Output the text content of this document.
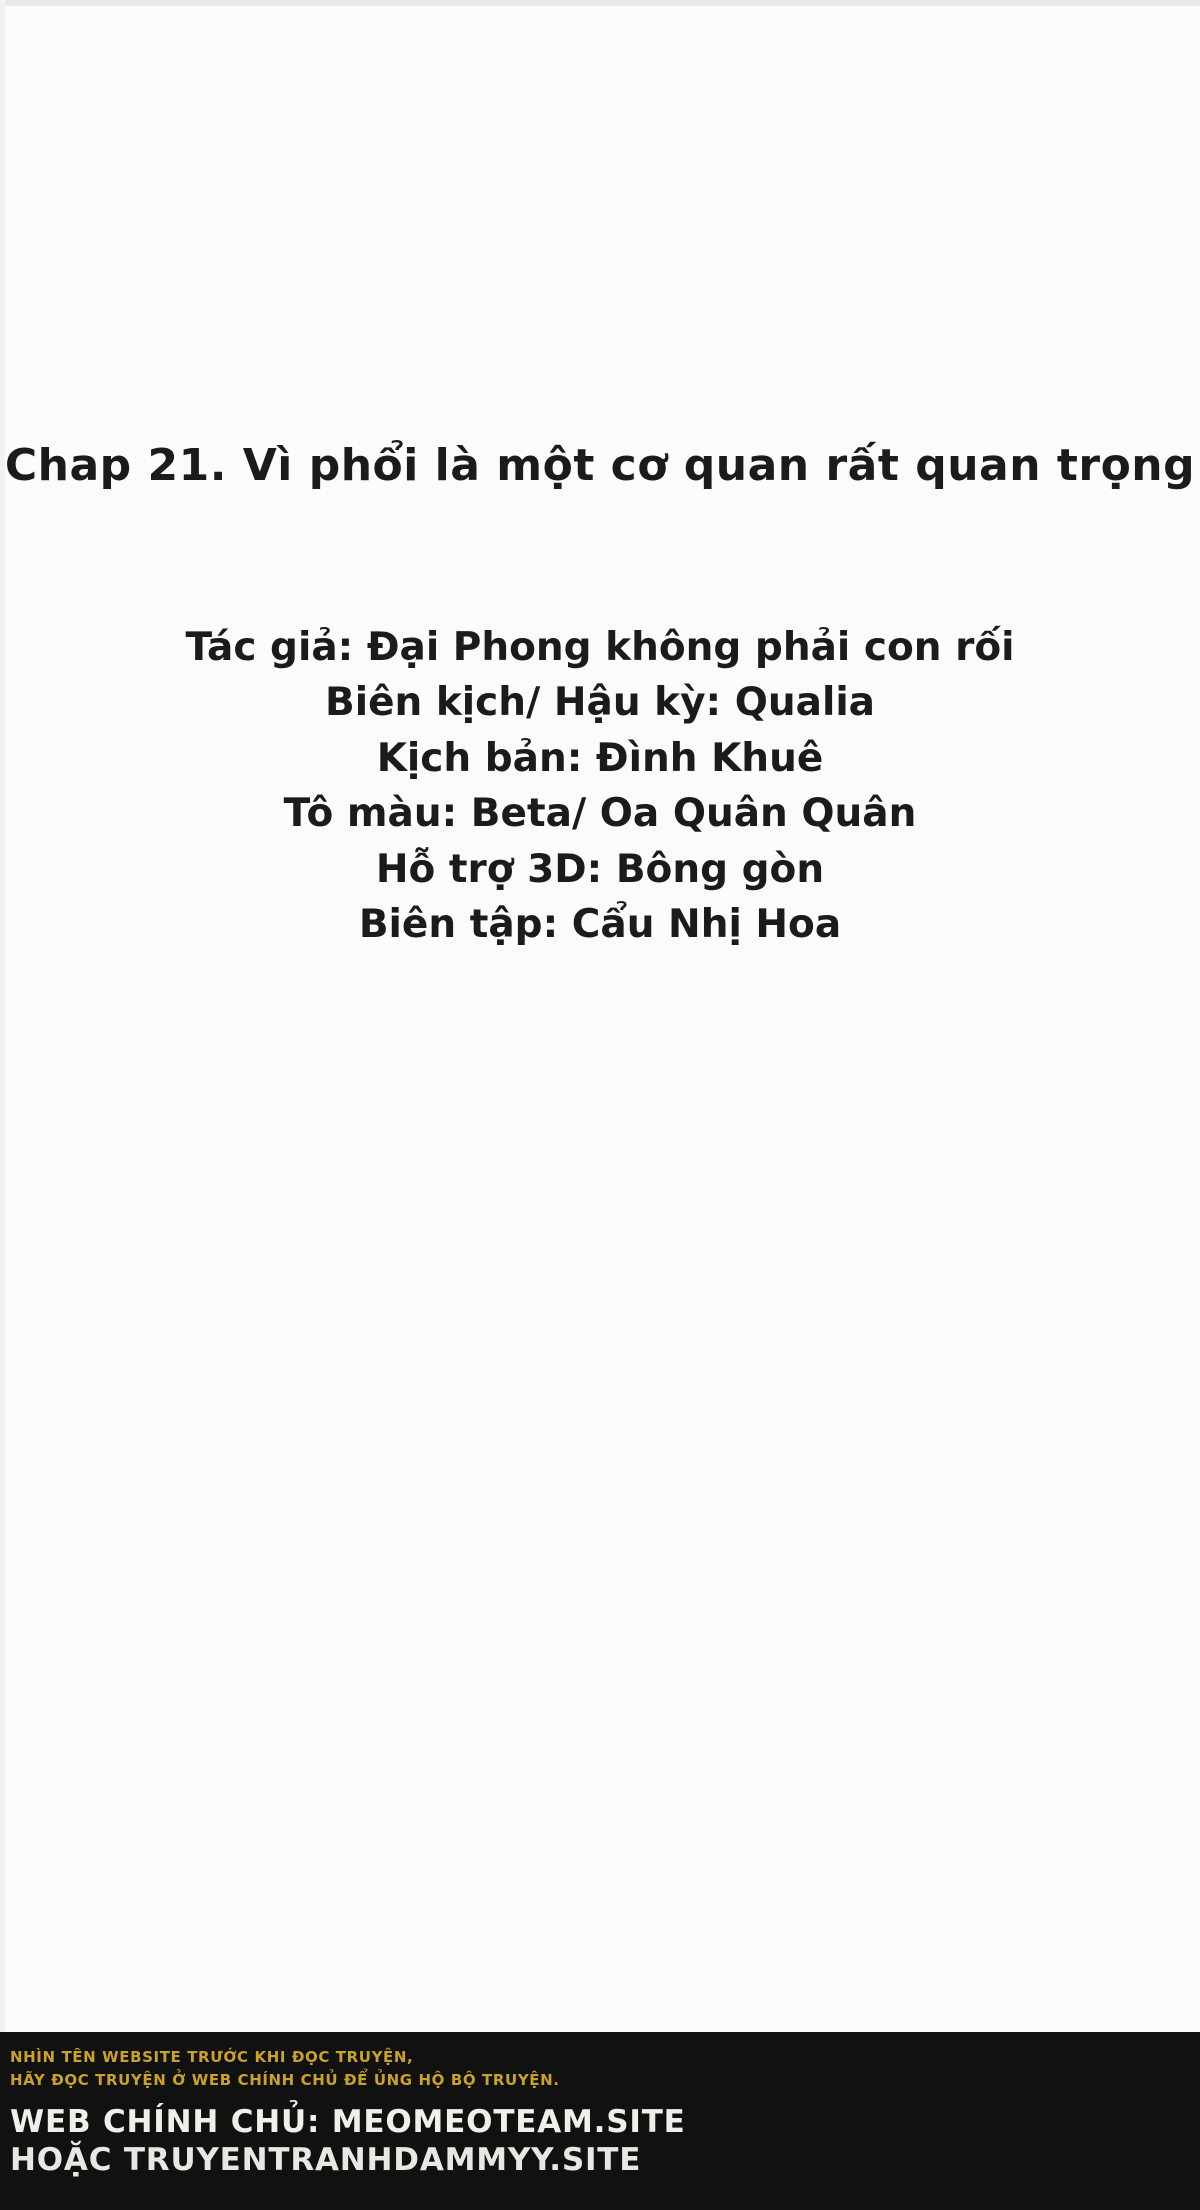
Chap 21. Vì phổi là một cơ quan rất quan trọng
Tác giả: Đại Phong không phải con rối
Biên kịch/ Hậu kỳ: Qualia
Kịch bản: Đình Khuê
Tô màu: Beta/ Oa Quân Quân
Hỗ trợ 3D: Bông gòn
Biên tập: Cẩu Nhị Hoa
NHÌN TÊN WEBSITE TRƯỚC KHI ĐỌC TRUYỆN,
HÃY ĐỌC TRUYỆN Ở WEB CHÍNH CHỦ ĐỂ ỦNG HỘ BỘ TRUYỆN.
WEB CHÍNH CHỦ: MEOMEOTEAM.SITE
HOẶC TRUYENTRANHDAMMYY.SITE
